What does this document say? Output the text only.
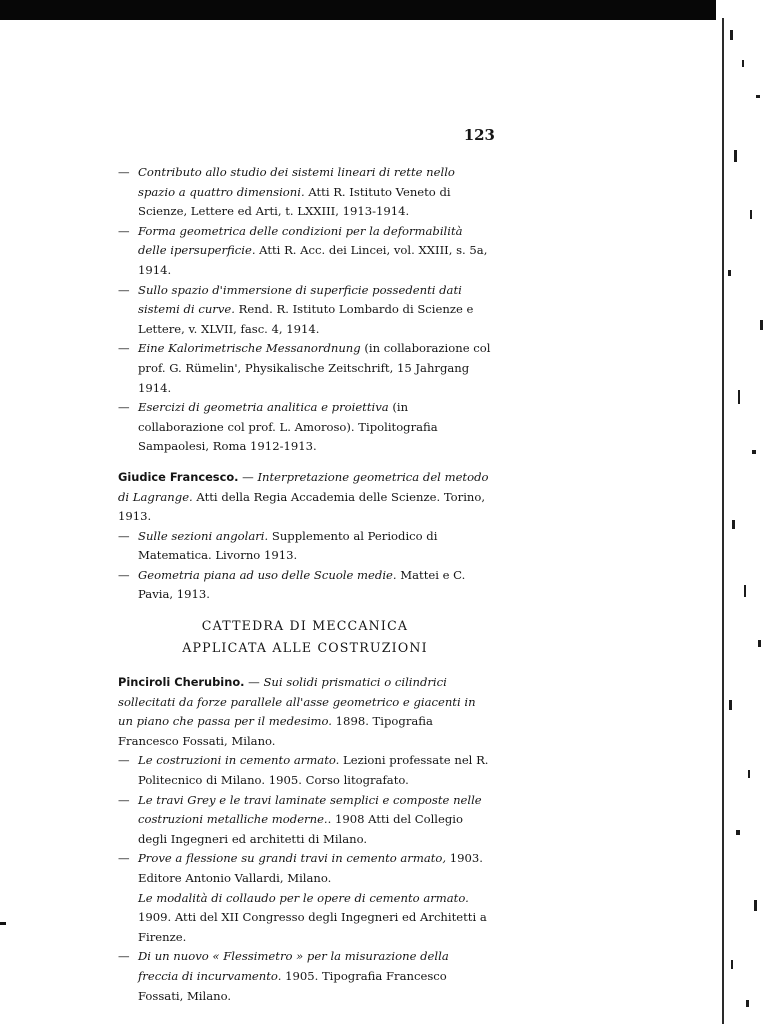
123

— Contributo allo studio dei sistemi lineari di rette nello spazio a quattro dimensioni. Atti R. Istituto Veneto di Scienze, Lettere ed Arti, t. LXXIII, 1913-1914.

— Forma geometrica delle condizioni per la deformabilità delle ipersuperficie. Atti R. Acc. dei Lincei, vol. XXIII, s. 5a, 1914.

— Sullo spazio d'immersione di superficie possedenti dati sistemi di curve. Rend. R. Istituto Lombardo di Scienze e Lettere, v. XLVII, fasc. 4, 1914.

— Eine Kalorimetrische Messanordnung (in collaborazione col prof. G. Rümelin', Physikalische Zeitschrift, 15 Jahrgang 1914.

— Esercizi di geometria analitica e proiettiva (in collaborazione col prof. L. Amoroso). Tipolitografia Sampaolesi, Roma 1912-1913.

Giudice Francesco. — Interpretazione geometrica del metodo di Lagrange. Atti della Regia Accademia delle Scienze. Torino, 1913.

— Sulle sezioni angolari. Supplemento al Periodico di Matematica. Livorno 1913.

— Geometria piana ad uso delle Scuole medie. Mattei e C. Pavia, 1913.

CATTEDRA DI MECCANICA

APPLICATA ALLE COSTRUZIONI

Pinciroli Cherubino. — Sui solidi prismatici o cilindrici sollecitati da forze parallele all'asse geometrico e giacenti in un piano che passa per il medesimo. 1898. Tipografia Francesco Fossati, Milano.

— Le costruzioni in cemento armato. Lezioni professate nel R. Politecnico di Milano. 1905. Corso litografato.

— Le travi Grey e le travi laminate semplici e composte nelle costruzioni metalliche moderne.. 1908 Atti del Collegio degli Ingegneri ed architetti di Milano.

— Prove a flessione su grandi travi in cemento armato, 1903. Editore Antonio Vallardi, Milano.

Le modalità di collaudo per le opere di cemento armato. 1909. Atti del XII Congresso degli Ingegneri ed Architetti a Firenze.

— Di un nuovo « Flessimetro » per la misurazione della freccia di incurvamento. 1905. Tipografia Francesco Fossati, Milano.
